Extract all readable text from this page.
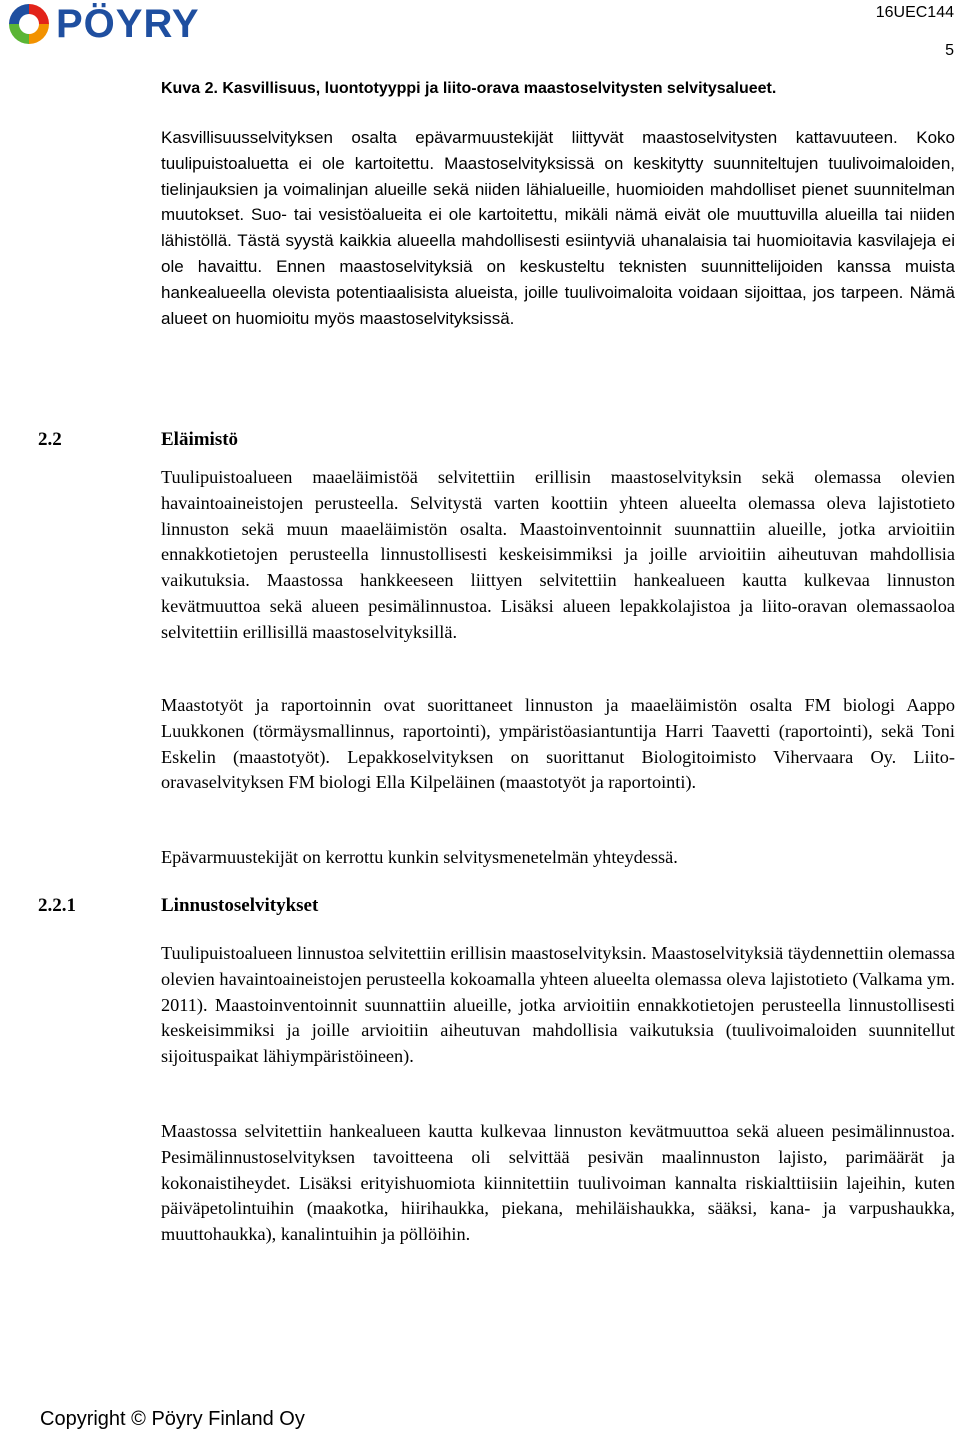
PÖYRY	16UEC144
5
Kuva 2. Kasvillisuus, luontotyyppi ja liito-orava maastoselvitysten selvitysalueet.

Kasvillisuusselvityksen osalta epävarmuustekijät liittyvät maastoselvitysten kattavuuteen. Koko tuulipuistoaluetta ei ole kartoitettu. Maastoselvityksissä on keskitytty suunniteltujen tuulivoimaloiden, tielinjauksien ja voimalinjan alueille sekä niiden lähialueille, huomioiden mahdolliset pienet suunnitelman muutokset. Suo- tai vesistöalueita ei ole kartoitettu, mikäli nämä eivät ole muuttuvilla alueilla tai niiden lähistöllä. Tästä syystä kaikkia alueella mahdollisesti esiintyviä uhanalaisia tai huomioitavia kasvilajeja ei ole havaittu. Ennen maastoselvityksiä on keskusteltu teknisten suunnittelijoiden kanssa muista hankealueella olevista potentiaalisista alueista, joille tuulivoimaloita voidaan sijoittaa, jos tarpeen. Nämä alueet on huomioitu myös maastoselvityksissä.

2.2	Eläimistö

Tuulipuistoalueen maaeläimistöä selvitettiin erillisin maastoselvityksin sekä olemassa olevien havaintoaineistojen perusteella. Selvitystä varten koottiin yhteen alueelta olemassa oleva lajistotieto linnuston sekä muun maaeläimistön osalta. Maastoinventoinnit suunnattiin alueille, jotka arvioitiin ennakkotietojen perusteella linnustollisesti keskeisimmiksi ja joille arvioitiin aiheutuvan mahdollisia vaikutuksia. Maastossa hankkeeseen liittyen selvitettiin hankealueen kautta kulkevaa linnuston kevätmuuttoa sekä alueen pesimälinnustoa. Lisäksi alueen lepakkolajistoa ja liito-oravan olemassaoloa selvitettiin erillisillä maastoselvityksillä.

Maastotyöt ja raportoinnin ovat suorittaneet linnuston ja maaeläimistön osalta FM biologi Aappo Luukkonen (törmäysmallinnus, raportointi), ympäristöasiantuntija Harri Taavetti (raportointi), sekä Toni Eskelin (maastotyöt). Lepakkoselvityksen on suorittanut Biologitoimisto Vihervaara Oy. Liito-oravaselvityksen FM biologi Ella Kilpeläinen (maastotyöt ja raportointi).

Epävarmuustekijät on kerrottu kunkin selvitysmenetelmän yhteydessä.

2.2.1	Linnustoselvitykset

Tuulipuistoalueen linnustoa selvitettiin erillisin maastoselvityksin. Maastoselvityksiä täydennettiin olemassa olevien havaintoaineistojen perusteella kokoamalla yhteen alueelta olemassa oleva lajistotieto (Valkama ym. 2011). Maastoinventoinnit suunnattiin alueille, jotka arvioitiin ennakkotietojen perusteella linnustollisesti keskeisimmiksi ja joille arvioitiin aiheutuvan mahdollisia vaikutuksia (tuulivoimaloiden suunnitellut sijoituspaikat lähiympäristöineen).

Maastossa selvitettiin hankealueen kautta kulkevaa linnuston kevätmuuttoa sekä alueen pesimälinnustoa. Pesimälinnustoselvityksen tavoitteena oli selvittää pesivän maalinnuston lajisto, parimäärät ja kokonaistiheydet. Lisäksi erityishuomiota kiinnitettiin tuulivoiman kannalta riskialttiisiin lajeihin, kuten päiväpetolintuihin (maakotka, hiirihaukka, piekana, mehiläishaukka, sääksi, kana- ja varpushaukka, muuttohaukka), kanalintuihin ja pöllöihin.

Copyright © Pöyry Finland Oy
